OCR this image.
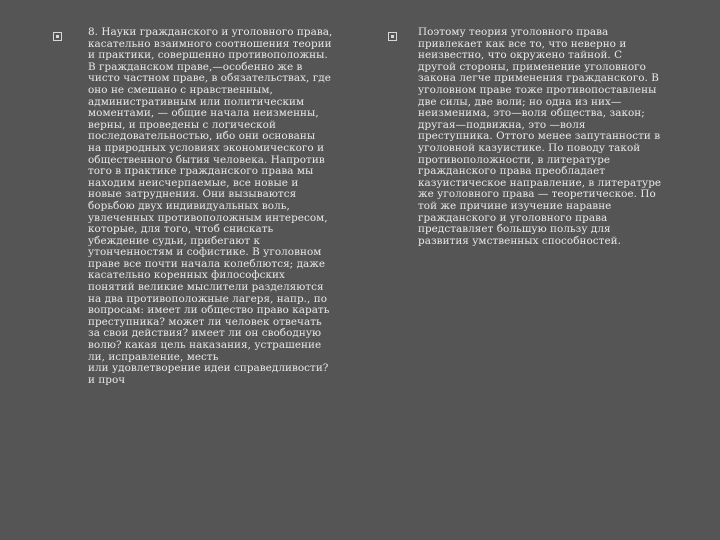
8. Науки гражданского и уголовного права,
касательно взаимного соотношения теории
и практики, совершенно противоположны.
В гражданском праве,—особенно же в
чисто частном праве, в обязательствах, где
оно не смешано с нравственным,
административным или политическим
моментами, — общие начала неизменны,
верны, и проведены с логической
последовательностью, ибо они основаны
на природных условиях экономического и
общественного бытия человека. Напротив
того в практике гражданского права мы
находим неисчерпаемые, все новые и
новые затруднения. Они вызываются
борьбою двух индивидуальных воль,
увлеченных противоположным интересом,
которые, для того, чтоб снискать
убеждение судьи, прибегают к
утонченностям и софистике. В уголовном
праве все почти начала колеблются; даже
касательно коренных философских
понятий великие мыслители разделяются
на два противоположные лагеря, напр., по
вопросам: имеет ли общество право карать
преступника? может ли человек отвечать
за свои действия? имеет ли он свободную
волю? какая цель наказания, устрашение
ли, исправление, месть
или удовлетворение идеи справедливости?
и проч
Поэтому теория уголовного права
привлекает как все то, что неверно и
неизвестно, что окружено тайной. С
другой стороны, применение уголовного
закона легче применения гражданского. В
уголовном праве тоже противопоставлены
две силы, две воли; но одна из них—
неизменима, это—воля общества, закон;
другая—подвижна, это —воля
преступника. Оттого менее запутанности в
уголовной казуистике. По поводу такой
противоположности, в литературе
гражданского права преобладает
казуистическое направление, в литературе
же уголовного права — теоретическое. По
той же причине изучение наравне
гражданского и уголовного права
представляет большую пользу для
развития умственных способностей.
